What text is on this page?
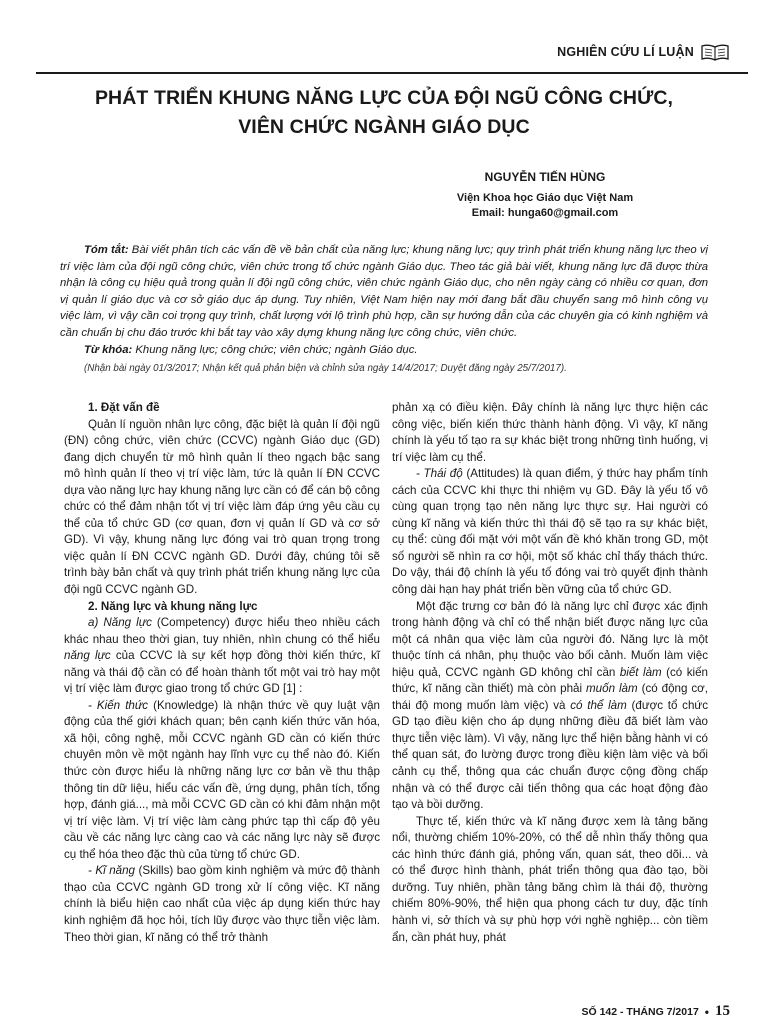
NGHIÊN CỨU LÍ LUẬN
PHÁT TRIỂN KHUNG NĂNG LỰC CỦA ĐỘI NGŨ CÔNG CHỨC,
VIÊN CHỨC NGÀNH GIÁO DỤC
NGUYỄN TIẾN HÙNG
Viện Khoa học Giáo dục Việt Nam
Email: hunga60@gmail.com
Tóm tắt: Bài viết phân tích các vấn đề về bản chất của năng lực; khung năng lực; quy trình phát triển khung năng lực theo vị trí việc làm của đội ngũ công chức, viên chức trong tổ chức ngành Giáo dục. Theo tác giả bài viết, khung năng lực đã được thừa nhận là công cụ hiệu quả trong quản lí đội ngũ công chức, viên chức ngành Giáo dục, cho nên ngày càng có nhiều cơ quan, đơn vị quản lí giáo dục và cơ sở giáo dục áp dụng. Tuy nhiên, Việt Nam hiện nay mới đang bắt đầu chuyển sang mô hình công vụ việc làm, vì vậy cần coi trọng quy trình, chất lượng với lộ trình phù hợp, cần sự hướng dẫn của các chuyên gia có kinh nghiệm và cần chuẩn bị chu đáo trước khi bắt tay vào xây dựng khung năng lực công chức, viên chức.
Từ khóa: Khung năng lực; công chức; viên chức; ngành Giáo dục.
(Nhận bài ngày 01/3/2017; Nhận kết quả phản biện và chỉnh sửa ngày 14/4/2017; Duyệt đăng ngày 25/7/2017).

1. Đặt vấn đề

Quản lí nguồn nhân lực công, đặc biệt là quản lí đội ngũ (ĐN) công chức, viên chức (CCVC) ngành Giáo dục (GD) đang dịch chuyển từ mô hình quản lí theo ngạch bậc sang mô hình quản lí theo vị trí việc làm, tức là quản lí ĐN CCVC dựa vào năng lực hay khung năng lực cần có để cán bộ công chức có thể đảm nhận tốt vị trí việc làm đáp ứng yêu cầu cụ thể của tổ chức GD (cơ quan, đơn vị quản lí GD và cơ sở GD). Vì vậy, khung năng lực đóng vai trò quan trọng trong việc quản lí ĐN CCVC ngành GD. Dưới đây, chúng tôi sẽ trình bày bản chất và quy trình phát triển khung năng lực của đội ngũ CCVC ngành GD.

2. Năng lực và khung năng lực

a) Năng lực (Competency) được hiểu theo nhiều cách khác nhau theo thời gian, tuy nhiên, nhìn chung có thể hiểu năng lực của CCVC là sự kết hợp đồng thời kiến thức, kĩ năng và thái độ cần có để hoàn thành tốt một vai trò hay một vị trí việc làm được giao trong tổ chức GD [1] :

- Kiến thức (Knowledge) là nhận thức về quy luật vận động của thế giới khách quan; bên cạnh kiến thức văn hóa, xã hội, công nghệ, mỗi CCVC ngành GD cần có kiến thức chuyên môn về một ngành hay lĩnh vực cụ thể nào đó. Kiến thức còn được hiểu là những năng lực cơ bản về thu thập thông tin dữ liệu, hiểu các vấn đề, ứng dụng, phân tích, tổng hợp, đánh giá..., mà mỗi CCVC GD cần có khi đảm nhận một vị trí việc làm. Vị trí việc làm càng phức tạp thì cấp độ yêu cầu về các năng lực càng cao và các năng lực này sẽ được cụ thể hóa theo đặc thù của từng tổ chức GD.

- Kĩ năng (Skills) bao gồm kinh nghiệm và mức độ thành thạo của CCVC ngành GD trong xử lí công việc. Kĩ năng chính là biểu hiện cao nhất của việc áp dụng kiến thức hay kinh nghiệm đã học hỏi, tích lũy được vào thực tiễn việc làm. Theo thời gian, kĩ năng có thể trở thành

phản xạ có điều kiện. Đây chính là năng lực thực hiện các công việc, biến kiến thức thành hành động. Vì vậy, kĩ năng chính là yếu tố tạo ra sự khác biệt trong những tình huống, vị trí việc làm cụ thể.

- Thái độ (Attitudes) là quan điểm, ý thức hay phẩm tính cách của CCVC khi thực thi nhiệm vụ GD. Đây là yếu tố vô cùng quan trọng tạo nên năng lực thực sự. Hai người có cùng kĩ năng và kiến thức thì thái độ sẽ tạo ra sự khác biệt, cụ thể: cùng đối mặt với một vấn đề khó khăn trong GD, một số người sẽ nhìn ra cơ hội, một số khác chỉ thấy thách thức. Do vậy, thái độ chính là yếu tố đóng vai trò quyết định thành công dài hạn hay phát triển bền vững của tổ chức GD.

Một đặc trưng cơ bản đó là năng lực chỉ được xác định trong hành động và chỉ có thể nhận biết được năng lực của một cá nhân qua việc làm của người đó. Năng lực là một thuộc tính cá nhân, phụ thuộc vào bối cảnh. Muốn làm việc hiệu quả, CCVC ngành GD không chỉ cần biết làm (có kiến thức, kĩ năng cần thiết) mà còn phải muốn làm (có động cơ, thái độ mong muốn làm việc) và có thể làm (được tổ chức GD tạo điều kiện cho áp dụng những điều đã biết làm vào thực tiễn việc làm). Vì vậy, năng lực thể hiện bằng hành vi có thể quan sát, đo lường được trong điều kiện làm việc và bối cảnh cụ thể, thông qua các chuẩn được cộng đồng chấp nhận và có thể được cải tiến thông qua các hoạt động đào tạo và bồi dưỡng.

Thực tế, kiến thức và kĩ năng được xem là tảng băng nổi, thường chiếm 10%-20%, có thể dễ nhìn thấy thông qua các hình thức đánh giá, phỏng vấn, quan sát, theo dõi... và có thể được hình thành, phát triển thông qua đào tạo, bồi dưỡng. Tuy nhiên, phần tảng băng chìm là thái độ, thường chiếm 80%-90%, thể hiện qua phong cách tư duy, đặc tính hành vi, sở thích và sự phù hợp với nghề nghiệp... còn tiềm ẩn, cần phát huy, phát

SỐ 142 - THÁNG 7/2017 • 15
